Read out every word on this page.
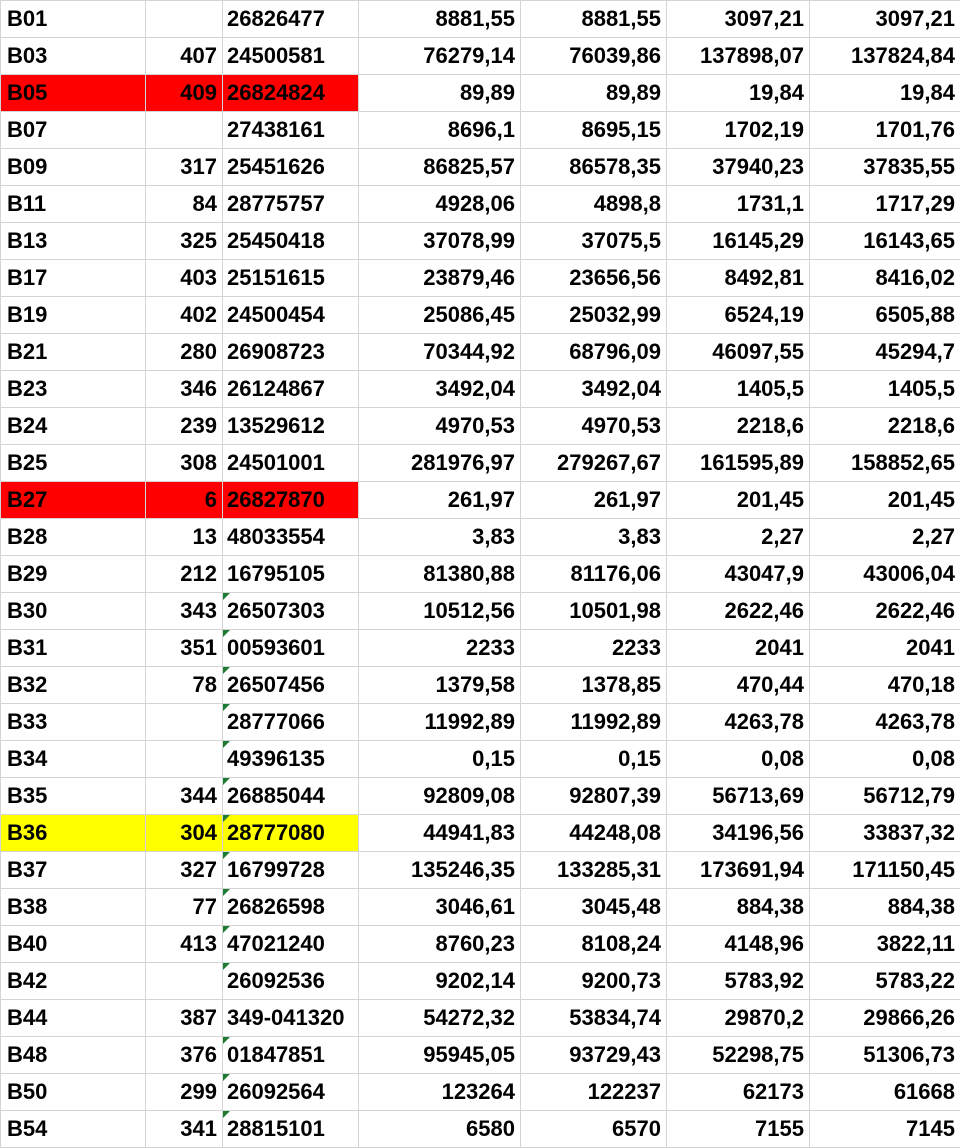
B01		26826477	8881,55	8881,55	3097,21	3097,21
B03	407	24500581	76279,14	76039,86	137898,07	137824,84
B05	409	26824824	89,89	89,89	19,84	19,84
B07		27438161	8696,1	8695,15	1702,19	1701,76
B09	317	25451626	86825,57	86578,35	37940,23	37835,55
B11	84	28775757	4928,06	4898,8	1731,1	1717,29
B13	325	25450418	37078,99	37075,5	16145,29	16143,65
B17	403	25151615	23879,46	23656,56	8492,81	8416,02
B19	402	24500454	25086,45	25032,99	6524,19	6505,88
B21	280	26908723	70344,92	68796,09	46097,55	45294,7
B23	346	26124867	3492,04	3492,04	1405,5	1405,5
B24	239	13529612	4970,53	4970,53	2218,6	2218,6
B25	308	24501001	281976,97	279267,67	161595,89	158852,65
B27	6	26827870	261,97	261,97	201,45	201,45
B28	13	48033554	3,83	3,83	2,27	2,27
B29	212	16795105	81380,88	81176,06	43047,9	43006,04
B30	343	26507303	10512,56	10501,98	2622,46	2622,46
B31	351	00593601	2233	2233	2041	2041
B32	78	26507456	1379,58	1378,85	470,44	470,18
B33		28777066	11992,89	11992,89	4263,78	4263,78
B34		49396135	0,15	0,15	0,08	0,08
B35	344	26885044	92809,08	92807,39	56713,69	56712,79
B36	304	28777080	44941,83	44248,08	34196,56	33837,32
B37	327	16799728	135246,35	133285,31	173691,94	171150,45
B38	77	26826598	3046,61	3045,48	884,38	884,38
B40	413	47021240	8760,23	8108,24	4148,96	3822,11
B42		26092536	9202,14	9200,73	5783,92	5783,22
B44	387	349-041320	54272,32	53834,74	29870,2	29866,26
B48	376	01847851	95945,05	93729,43	52298,75	51306,73
B50	299	26092564	123264	122237	62173	61668
B54	341	28815101	6580	6570	7155	7145
